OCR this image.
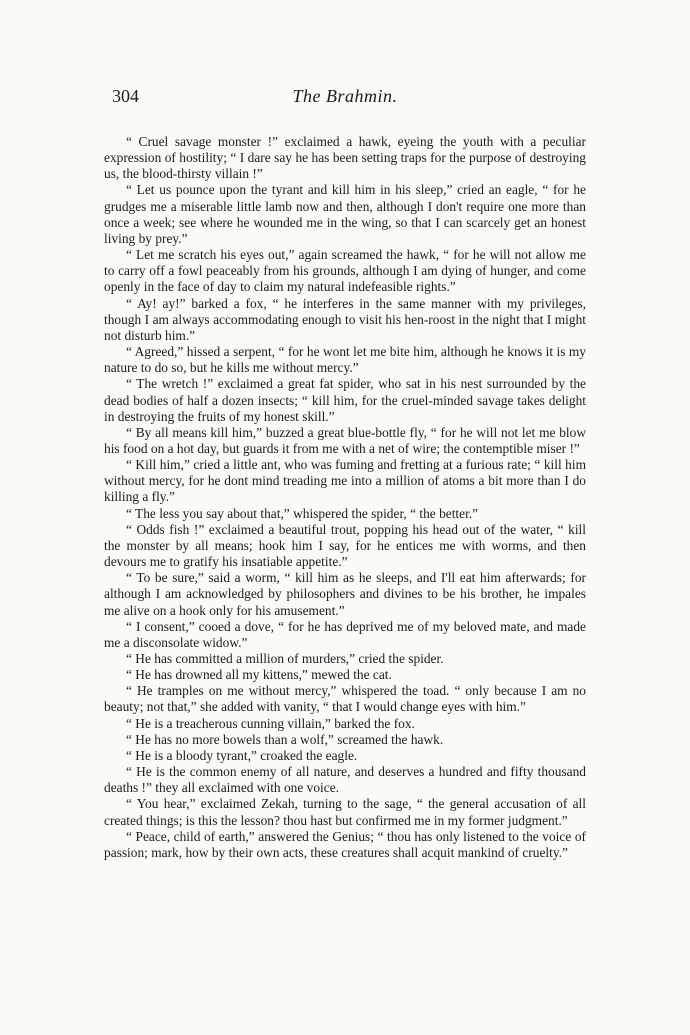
304	The Brahmin.

“ Cruel savage monster !” exclaimed a hawk, eyeing the youth with a peculiar expression of hostility; “ I dare say he has been setting traps for the purpose of destroying us, the blood-thirsty villain !”

“ Let us pounce upon the tyrant and kill him in his sleep,” cried an eagle, “ for he grudges me a miserable little lamb now and then, although I don't require one more than once a week; see where he wounded me in the wing, so that I can scarcely get an honest living by prey.”

“ Let me scratch his eyes out,” again screamed the hawk, “ for he will not allow me to carry off a fowl peaceably from his grounds, although I am dying of hunger, and come openly in the face of day to claim my natural indefeasible rights.”

“ Ay! ay!” barked a fox, “ he interferes in the same manner with my privileges, though I am always accommodating enough to visit his hen-roost in the night that I might not disturb him.”

“ Agreed,” hissed a serpent, “ for he wont let me bite him, although he knows it is my nature to do so, but he kills me without mercy.”

“ The wretch !” exclaimed a great fat spider, who sat in his nest surrounded by the dead bodies of half a dozen insects; “ kill him, for the cruel-minded savage takes delight in destroying the fruits of my honest skill.”

“ By all means kill him,” buzzed a great blue-bottle fly, “ for he will not let me blow his food on a hot day, but guards it from me with a net of wire; the contemptible miser !”

“ Kill him,” cried a little ant, who was fuming and fretting at a furious rate; “ kill him without mercy, for he dont mind treading me into a million of atoms a bit more than I do killing a fly.”

“ The less you say about that,” whispered the spider, “ the better.”

“ Odds fish !” exclaimed a beautiful trout, popping his head out of the water, “ kill the monster by all means; hook him I say, for he entices me with worms, and then devours me to gratify his insatiable appetite.”

“ To be sure,” said a worm, “ kill him as he sleeps, and I'll eat him afterwards; for although I am acknowledged by philosophers and divines to be his brother, he impales me alive on a hook only for his amusement.”

“ I consent,” cooed a dove, “ for he has deprived me of my beloved mate, and made me a disconsolate widow.”

“ He has committed a million of murders,” cried the spider.

“ He has drowned all my kittens,” mewed the cat.

“ He tramples on me without mercy,” whispered the toad. “ only because I am no beauty; not that,” she added with vanity, “ that I would change eyes with him.”

“ He is a treacherous cunning villain,” barked the fox.

“ He has no more bowels than a wolf,” screamed the hawk.

“ He is a bloody tyrant,” croaked the eagle.

“ He is the common enemy of all nature, and deserves a hundred and fifty thousand deaths !” they all exclaimed with one voice.

“ You hear,” exclaimed Zekah, turning to the sage, “ the general accusation of all created things; is this the lesson? thou hast but confirmed me in my former judgment.”

“ Peace, child of earth,” answered the Genius; “ thou has only listened to the voice of passion; mark, how by their own acts, these creatures shall acquit mankind of cruelty.”
